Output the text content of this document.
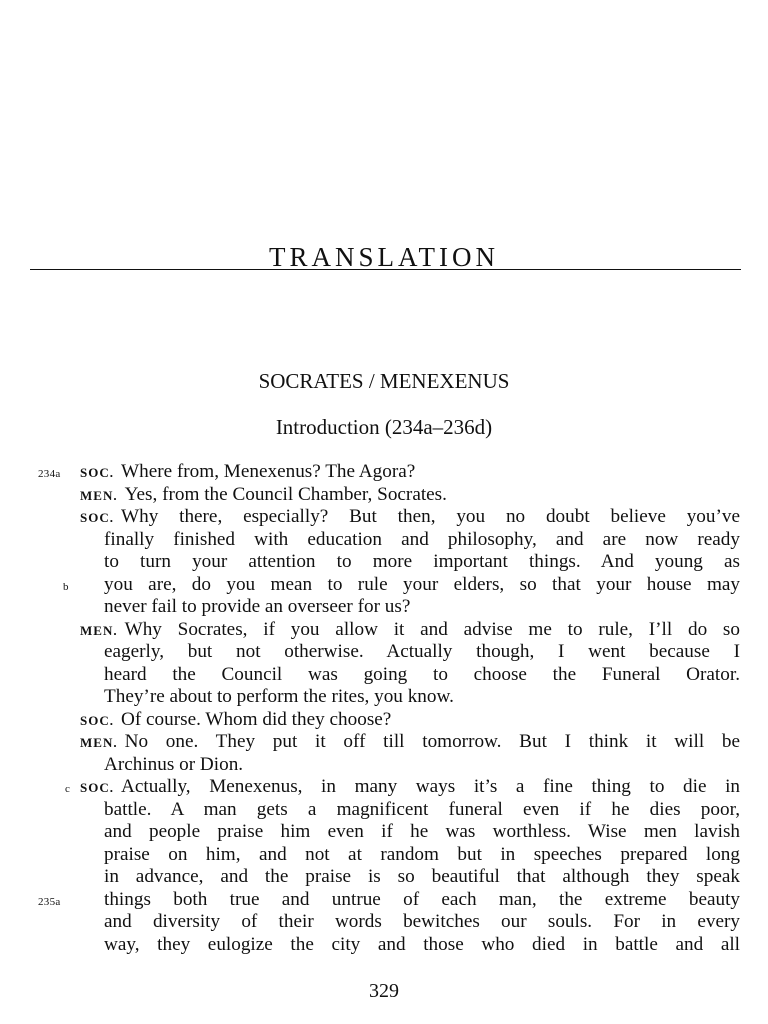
TRANSLATION
SOCRATES / MENEXENUS
Introduction (234a–236d)
234a SOC. Where from, Menexenus? The Agora?
MEN. Yes, from the Council Chamber, Socrates.
SOC. Why there, especially? But then, you no doubt believe you’ve
finally finished with education and philosophy, and are now ready
to turn your attention to more important things. And young as
b you are, do you mean to rule your elders, so that your house may
never fail to provide an overseer for us?
MEN. Why Socrates, if you allow it and advise me to rule, I’ll do so
eagerly, but not otherwise. Actually though, I went because I
heard the Council was going to choose the Funeral Orator.
They’re about to perform the rites, you know.
SOC. Of course. Whom did they choose?
MEN. No one. They put it off till tomorrow. But I think it will be
Archinus or Dion.
c SOC. Actually, Menexenus, in many ways it’s a fine thing to die in
battle. A man gets a magnificent funeral even if he dies poor,
and people praise him even if he was worthless. Wise men lavish
praise on him, and not at random but in speeches prepared long
in advance, and the praise is so beautiful that although they speak
235a things both true and untrue of each man, the extreme beauty
and diversity of their words bewitches our souls. For in every
way, they eulogize the city and those who died in battle and all
329
